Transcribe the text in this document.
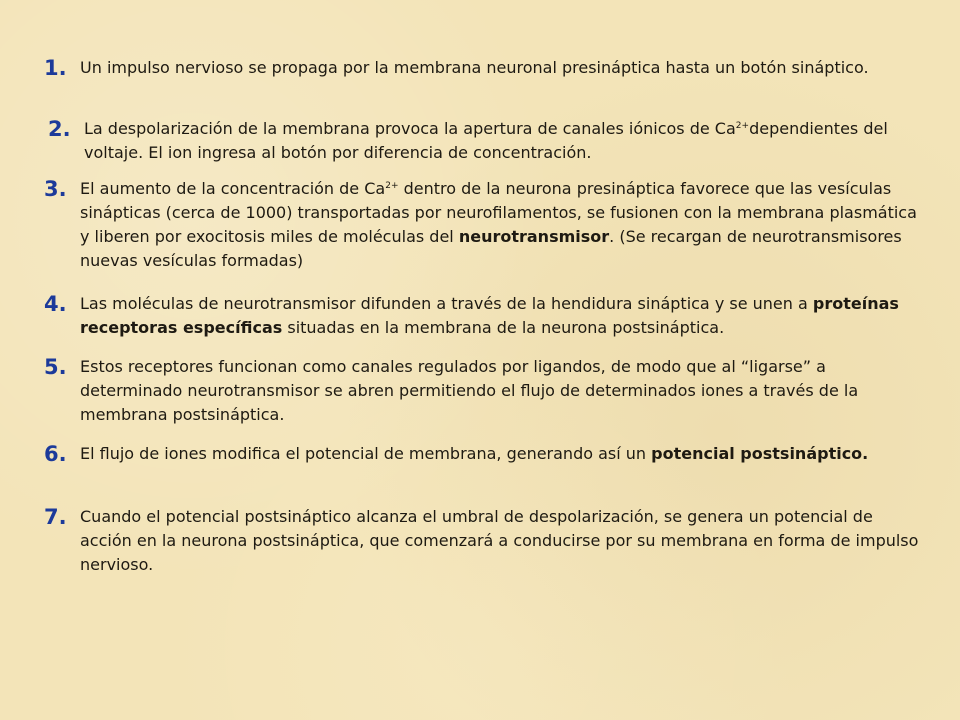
1. Un impulso nervioso se propaga por la membrana neuronal presináptica hasta un botón sináptico.
2. La despolarización de la membrana provoca la apertura de canales iónicos de $Ca^{2+}dependientes$ del voltaje. El ion ingresa al botón por diferencia de concentración.
3. El aumento de la concentración de $Ca^{2+}$ dentro de la neurona presináptica favorece que las vesículas sinápticas (cerca de 1000) transportadas por neurofilamentos, se fusionen con la membrana plasmática y liberen por exocitosis miles de moléculas del neurotransmisor. (Se recargan de neurotransmisores nuevas vesículas formadas)
4. Las moléculas de neurotransmisor difunden a través de la hendidura sináptica y se unen a proteínas receptoras específicas situadas en la membrana de la neurona postsináptica.
5. Estos receptores funcionan como canales regulados por ligandos, de modo que al “ligarse” a determinado neurotransmisor se abren permitiendo el flujo de determinados iones a través de la membrana postsináptica.
6. El flujo de iones modifica el potencial de membrana, generando así un potencial postsináptico.
7. Cuando el potencial postsináptico alcanza el umbral de despolarización, se genera un potencial de acción en la neurona postsináptica, que comenzará a conducirse por su membrana en forma de impulso nervioso.
